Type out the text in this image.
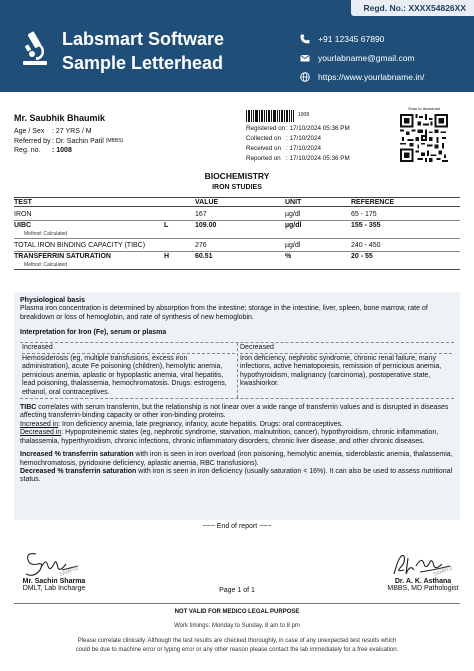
Regd. No.: XXXX54826XX
Labsmart Software
Sample Letterhead
+91 12345 67890
yourlabname@gmail.com
https://www.yourlabname.in/
Mr. Saubhik Bhaumik
Age / Sex	: 27 YRS / M
Referred by : Dr. Sachin Patil
(MBBS)
Reg. no.	: 1008
1008
Registered on : 17/10/2024 05:36 PM
Collected on : 17/10/2024
Received on : 17/10/2024
Reported on : 17/10/2024 05:36 PM
Scan to download
BIOCHEMISTRY
IRON STUDIES
TEST	VALUE	UNIT	REFERENCE
IRON	167	µg/dl	65 - 175
UIBC	L	109.00	µg/dl	155 - 355
Method: Calculated
TOTAL IRON BINDING CAPACITY (TIBC)	276	µg/dl	240 - 450
TRANSFERRIN SATURATION	H	60.51	%	20 - 55
Method: Calculated
Physiological basis
Plasma iron concentration is determined by absorption from the intestine; storage in the intestine, liver, spleen, bone marrow, rate of breakdown or loss of hemoglobin, and rate of synthesis of new hemoglobin.
Interpretation for Iron (Fe), serum or plasma
Increased
Hemosiderosis (eg, multiple transfusions, excess iron administration), acute Fe poisoning (children), hemolytic anemia, pernicious anemia, aplastic or hypoplastic anemia, viral hepatitis, lead poisoning, thalassemia, hemochromatosis. Drugs: estrogens, ethanol, oral contraceptives.
Decreased
Iron deficiency, nephrotic syndrome, chronic renal failure, many infections, active hematopoiesis, remission of pernicious anemia, hypothyroidism, malignancy (carcinoma), postoperative state, kwashiorkor.
TIBC correlates with serum transferrin, but the relationship is not linear over a wide range of transferrin values and is disrupted in diseases affecting transferrin-binding capacity or other iron-binding proteins.
Increased in: Iron deficiency anemia, late pregnancy, infancy, acute hepatitis. Drugs: oral contraceptives.
Decreased in: Hypoproteinemic states (eg, nephrotic syndrome, starvation, malnutrition, cancer), hypothyroidism, chronic inflammation, thalassemia, hyperthyroidism, chronic infections, chronic inflammatory disorders, chronic liver disease, and other chronic diseases.
Increased % transferrin saturation with iron is seen in iron overload (iron poisoning, hemolytic anemia, sideroblastic anemia, thalassemia, hemochromatosis, pyridoxine deficiency, aplastic anemia, RBC transfusions).
Decreased % transferrin saturation with iron is seen in iron deficiency (usually saturation < 16%). It can also be used to assess nutritional status.
~~~ End of report ~~~
SAMPLE	SAMPLE
Mr. Sachin Sharma
DMLT, Lab Incharge
Dr. A. K. Asthana
MBBS, MD Pathologist
Page 1 of 1
NOT VALID FOR MEDICO LEGAL PURPOSE
Work timings: Monday to Sunday, 8 am to 8 pm
Please correlate clinically. Although the test results are checked thoroughly, in case of any unexpected test results which
could be due to machine error or typing error or any other reason please contact the lab immediately for a free evaluation.
